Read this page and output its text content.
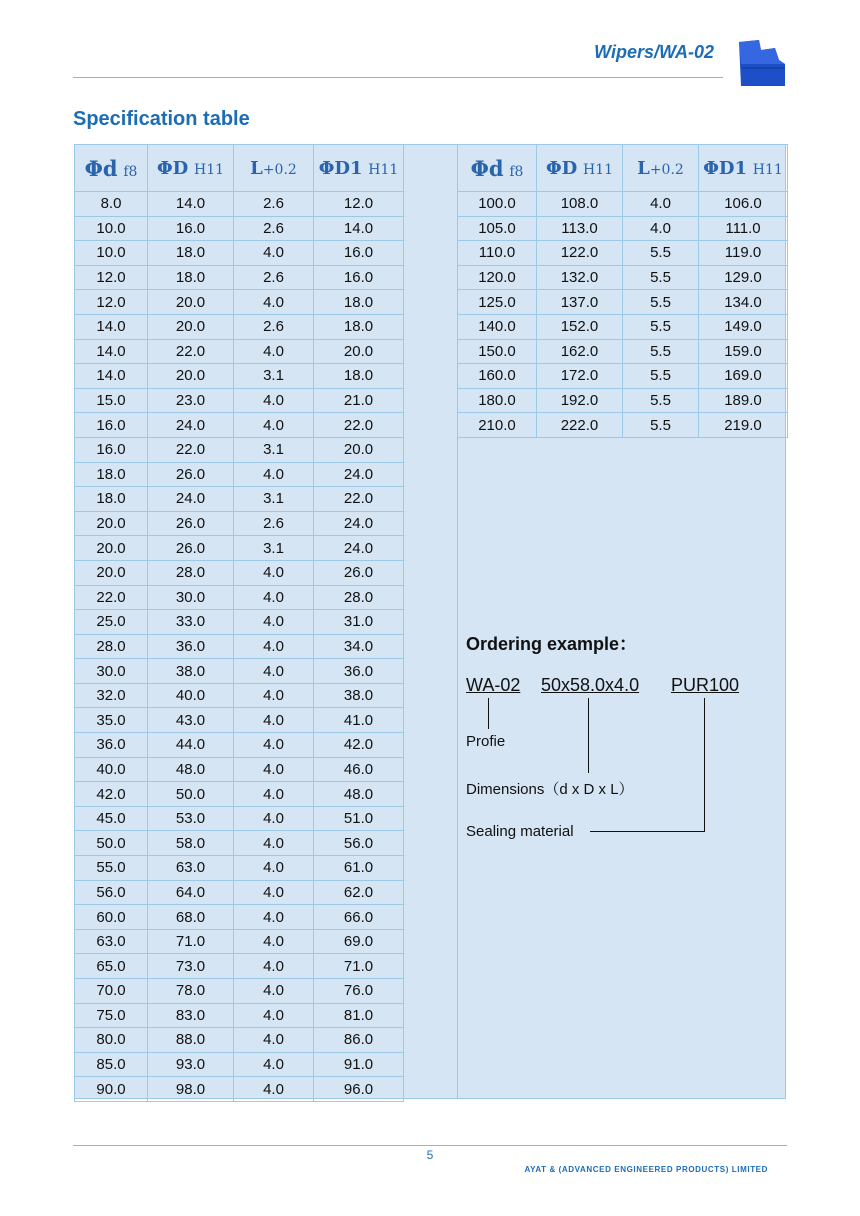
Wipers/WA-02
Specification table
Φd f8	ΦD H11	L+0.2	ΦD1 H11
8.0	14.0	2.6	12.0
10.0	16.0	2.6	14.0
10.0	18.0	4.0	16.0
12.0	18.0	2.6	16.0
12.0	20.0	4.0	18.0
14.0	20.0	2.6	18.0
14.0	22.0	4.0	20.0
14.0	20.0	3.1	18.0
15.0	23.0	4.0	21.0
16.0	24.0	4.0	22.0
16.0	22.0	3.1	20.0
18.0	26.0	4.0	24.0
18.0	24.0	3.1	22.0
20.0	26.0	2.6	24.0
20.0	26.0	3.1	24.0
20.0	28.0	4.0	26.0
22.0	30.0	4.0	28.0
25.0	33.0	4.0	31.0
28.0	36.0	4.0	34.0
30.0	38.0	4.0	36.0
32.0	40.0	4.0	38.0
35.0	43.0	4.0	41.0
36.0	44.0	4.0	42.0
40.0	48.0	4.0	46.0
42.0	50.0	4.0	48.0
45.0	53.0	4.0	51.0
50.0	58.0	4.0	56.0
55.0	63.0	4.0	61.0
56.0	64.0	4.0	62.0
60.0	68.0	4.0	66.0
63.0	71.0	4.0	69.0
65.0	73.0	4.0	71.0
70.0	78.0	4.0	76.0
75.0	83.0	4.0	81.0
80.0	88.0	4.0	86.0
85.0	93.0	4.0	91.0
90.0	98.0	4.0	96.0
Φd f8	ΦD H11	L+0.2	ΦD1 H11
100.0	108.0	4.0	106.0
105.0	113.0	4.0	111.0
110.0	122.0	5.5	119.0
120.0	132.0	5.5	129.0
125.0	137.0	5.5	134.0
140.0	152.0	5.5	149.0
150.0	162.0	5.5	159.0
160.0	172.0	5.5	169.0
180.0	192.0	5.5	189.0
210.0	222.0	5.5	219.0
Ordering example：
WA-02 50x58.0x4.0 PUR100
Profie
Dimensions（d x D x L）
Sealing material
5
AYAT & (ADVANCED ENGINEERED PRODUCTS) LIMITED
